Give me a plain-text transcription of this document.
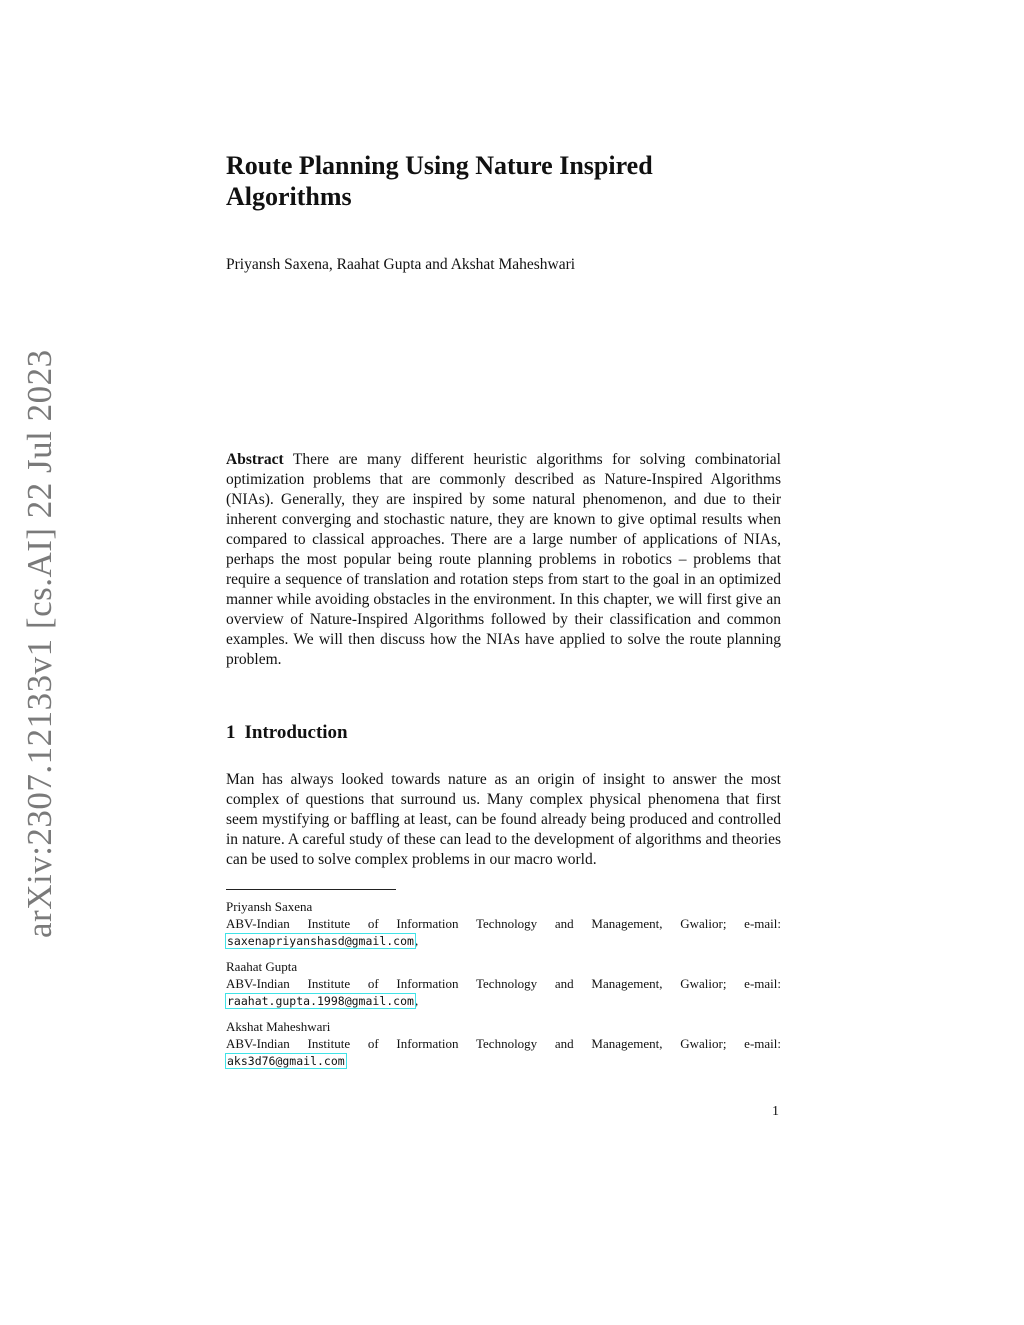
arXiv:2307.12133v1 [cs.AI] 22 Jul 2023
Route Planning Using Nature Inspired Algorithms
Priyansh Saxena, Raahat Gupta and Akshat Maheshwari
Abstract There are many different heuristic algorithms for solving combinatorial optimization problems that are commonly described as Nature-Inspired Algorithms (NIAs). Generally, they are inspired by some natural phenomenon, and due to their inherent converging and stochastic nature, they are known to give optimal results when compared to classical approaches. There are a large number of applications of NIAs, perhaps the most popular being route planning problems in robotics – problems that require a sequence of translation and rotation steps from start to the goal in an optimized manner while avoiding obstacles in the environment. In this chapter, we will first give an overview of Nature-Inspired Algorithms followed by their classification and common examples. We will then discuss how the NIAs have applied to solve the route planning problem.
1 Introduction
Man has always looked towards nature as an origin of insight to answer the most complex of questions that surround us. Many complex physical phenomena that first seem mystifying or baffling at least, can be found already being produced and controlled in nature. A careful study of these can lead to the development of algorithms and theories can be used to solve complex problems in our macro world.
Priyansh Saxena
ABV-Indian Institute of Information Technology and Management, Gwalior; e-mail: saxenapriyanshasd@gmail.com,
Raahat Gupta
ABV-Indian Institute of Information Technology and Management, Gwalior; e-mail: raahat.gupta.1998@gmail.com,
Akshat Maheshwari
ABV-Indian Institute of Information Technology and Management, Gwalior; e-mail: aks3d76@gmail.com
1
